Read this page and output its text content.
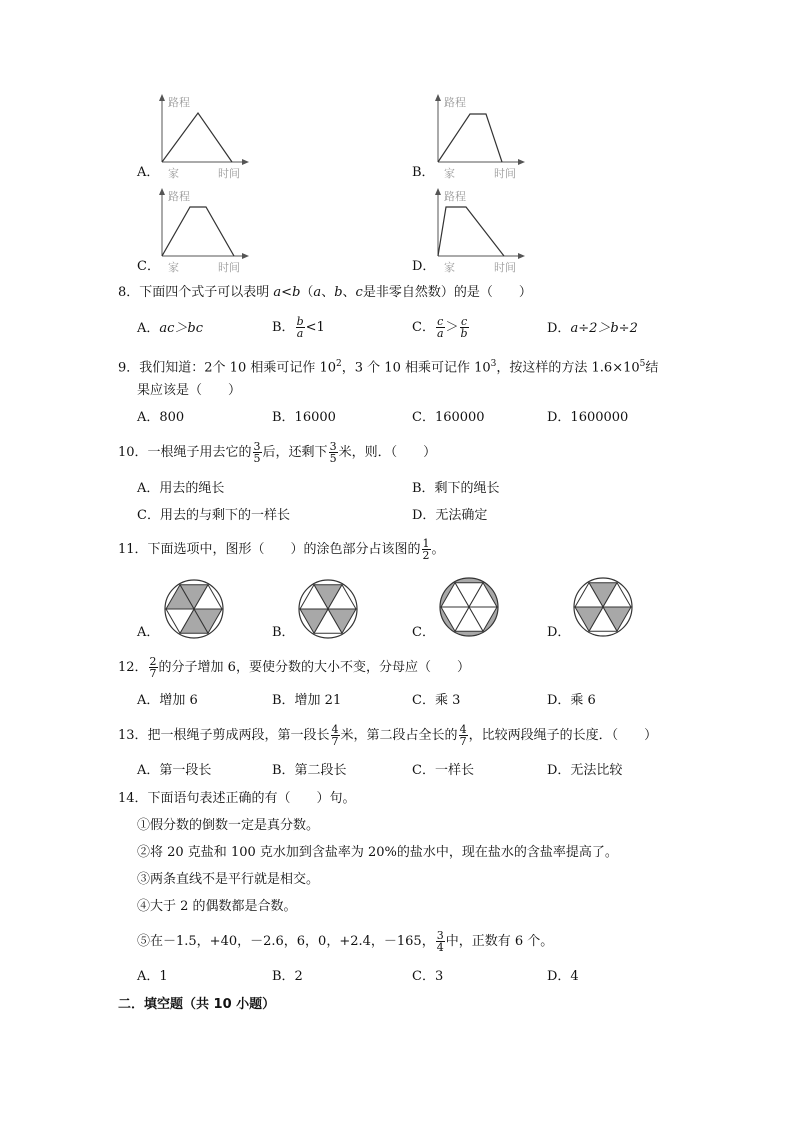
A．
路程
家	时间	B．
路程
家	时间
C．
路程
家	时间	D．
路程
家	时间
8．下面四个式子可以表明 a<b（a、b、c是非零自然数）的是（　　）
A．ac＞bc	B． $\frac{b}{a} <1$	C． $\frac{c}{a} > \frac{c}{b}$	D．a÷2＞b÷2
9．我们知道：2个 10 相乘可记作 $10^2$，3 个 10 相乘可记作 $10^3$，按这样的方法 $1.6\times 10^5$结
果应该是（　　）
A．800	B．16000	C．160000	D．1600000
10．一根绳子用去它的 $\frac{3}{5}$ 后，还剩下 $\frac{3}{5}$ 米，则．（　　）
A．用去的绳长	B．剩下的绳长
C．用去的与剩下的一样长	D．无法确定
11．下面选项中，图形（　　）的涂色部分占该图的 $\frac{1}{2}$ 。
A．	B．	C．	D．
12． $\frac{2}{7}$ 的分子增加 6，要使分数的大小不变，分母应（　　）
A．增加 6	B．增加 21	C．乘 3	D．乘 6
13．把一根绳子剪成两段，第一段长 $\frac{4}{7}$ 米，第二段占全长的 $\frac{4}{7}$ ，比较两段绳子的长度．（　　）
A．第一段长	B．第二段长	C．一样长	D．无法比较
14．下面语句表述正确的有（　　）句。
①假分数的倒数一定是真分数。
②将 20 克盐和 100 克水加到含盐率为 20%的盐水中，现在盐水的含盐率提高了。
③两条直线不是平行就是相交。
④大于 2 的偶数都是合数。
⑤在－1.5，+40，－2.6，6，0，+2.4，－165， $\frac{3}{4}$ 中，正数有 6 个。
A．1	B．2	C．3	D．4
二．填空题（共 10 小题）
